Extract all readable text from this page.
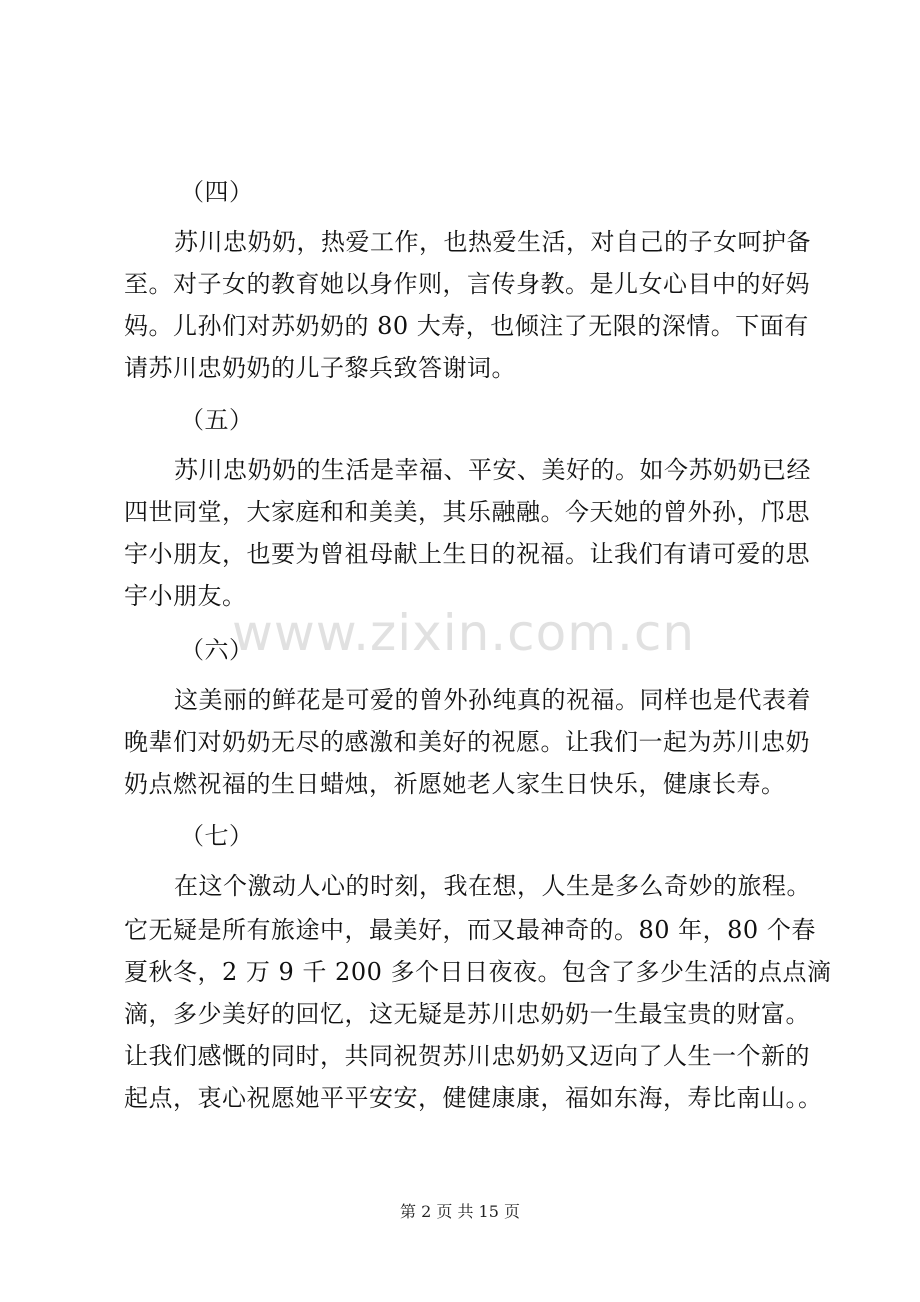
（四）
苏川忠奶奶，热爱工作，也热爱生活，对自己的子女呵护备
至。对子女的教育她以身作则，言传身教。是儿女心目中的好妈
妈。儿孙们对苏奶奶的 80 大寿，也倾注了无限的深情。下面有
请苏川忠奶奶的儿子黎兵致答谢词。
（五）
苏川忠奶奶的生活是幸福、平安、美好的。如今苏奶奶已经
四世同堂，大家庭和和美美，其乐融融。今天她的曾外孙，邝思
宇小朋友，也要为曾祖母献上生日的祝福。让我们有请可爱的思
宇小朋友。
（六）
这美丽的鲜花是可爱的曾外孙纯真的祝福。同样也是代表着
晚辈们对奶奶无尽的感激和美好的祝愿。让我们一起为苏川忠奶
奶点燃祝福的生日蜡烛，祈愿她老人家生日快乐，健康长寿。
（七）
在这个激动人心的时刻，我在想，人生是多么奇妙的旅程。
它无疑是所有旅途中，最美好，而又最神奇的。80 年，80 个春
夏秋冬，2 万 9 千 200 多个日日夜夜。包含了多少生活的点点滴
滴，多少美好的回忆，这无疑是苏川忠奶奶一生最宝贵的财富。
让我们感慨的同时，共同祝贺苏川忠奶奶又迈向了人生一个新的
起点，衷心祝愿她平平安安，健健康康，福如东海，寿比南山。。
www.zixin.com.cn
第 2 页 共 15 页
